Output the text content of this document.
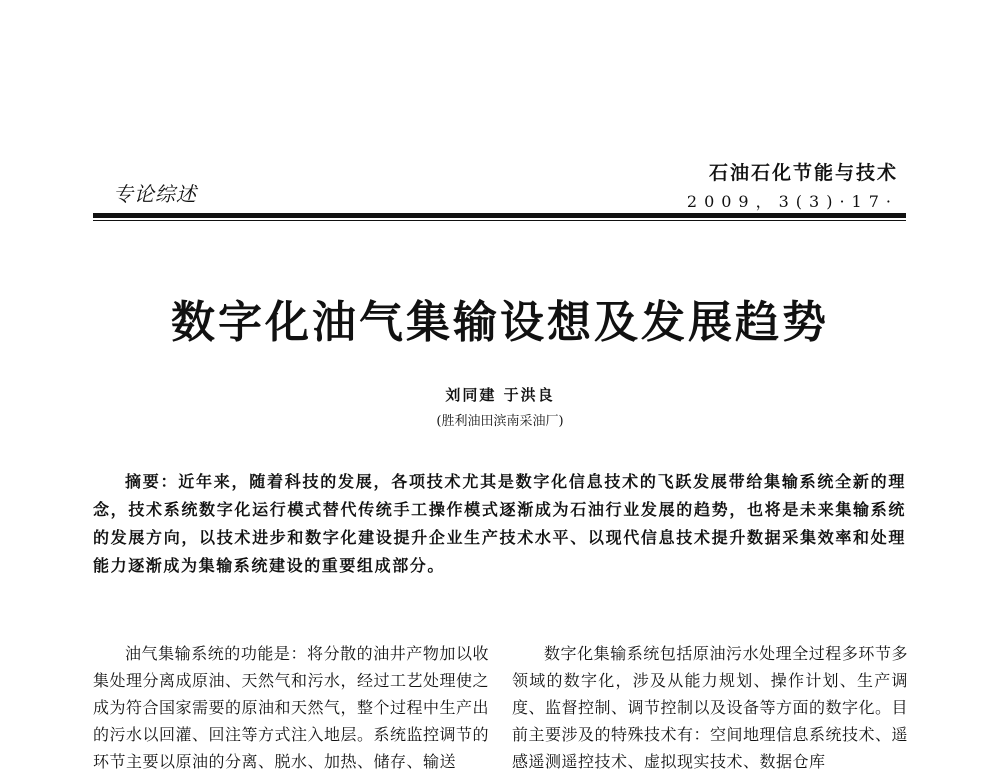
专论综述
石油石化节能与技术
2009，3(3)·17·
数字化油气集输设想及发展趋势
刘同建 于洪良
(胜利油田滨南采油厂)
摘要：近年来，随着科技的发展，各项技术尤其是数字化信息技术的飞跃发展带给集输系统全新的理念，技术系统数字化运行模式替代传统手工操作模式逐渐成为石油行业发展的趋势，也将是未来集输系统的发展方向，以技术进步和数字化建设提升企业生产技术水平、以现代信息技术提升数据采集效率和处理能力逐渐成为集输系统建设的重要组成部分。
油气集输系统的功能是：将分散的油井产物加以收集处理分离成原油、天然气和污水，经过工艺处理使之成为符合国家需要的原油和天然气，整个过程中生产出的污水以回灌、回注等方式注入地层。系统监控调节的环节主要以原油的分离、脱水、加热、储存、输送
数字化集输系统包括原油污水处理全过程多环节多领域的数字化，涉及从能力规划、操作计划、生产调度、监督控制、调节控制以及设备等方面的数字化。目前主要涉及的特殊技术有：空间地理信息系统技术、遥感遥测遥控技术、虚拟现实技术、数据仓库
